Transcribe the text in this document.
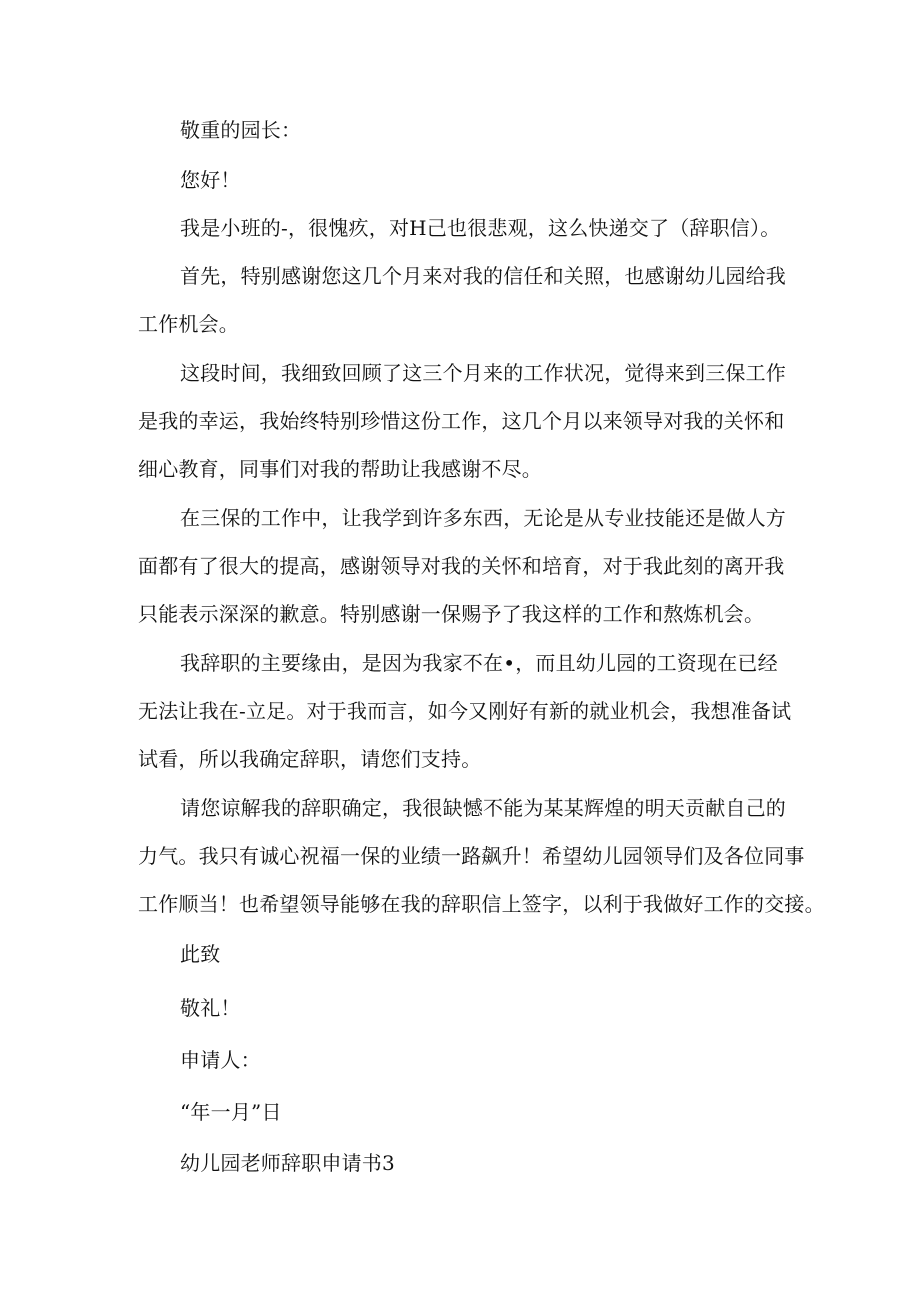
敬重的园长：
您好！
我是小班的-，很愧疚，对H己也很悲观，这么快递交了（辞职信）。
首先，特别感谢您这几个月来对我的信任和关照，也感谢幼儿园给我
工作机会。
这段时间，我细致回顾了这三个月来的工作状况，觉得来到三保工作
是我的幸运，我始终特别珍惜这份工作，这几个月以来领导对我的关怀和
细心教育，同事们对我的帮助让我感谢不尽。
在三保的工作中，让我学到许多东西，无论是从专业技能还是做人方
面都有了很大的提高，感谢领导对我的关怀和培育，对于我此刻的离开我
只能表示深深的歉意。特别感谢一保赐予了我这样的工作和熬炼机会。
我辞职的主要缘由，是因为我家不在•，而且幼儿园的工资现在已经
无法让我在-立足。对于我而言，如今又刚好有新的就业机会，我想准备试
试看，所以我确定辞职，请您们支持。
请您谅解我的辞职确定，我很缺憾不能为某某辉煌的明天贡献自己的
力气。我只有诚心祝福一保的业绩一路飙升！希望幼儿园领导们及各位同事
工作顺当！也希望领导能够在我的辞职信上签字，以利于我做好工作的交接。
此致
敬礼！
申请人：
“年一月”日
幼儿园老师辞职申请书3
